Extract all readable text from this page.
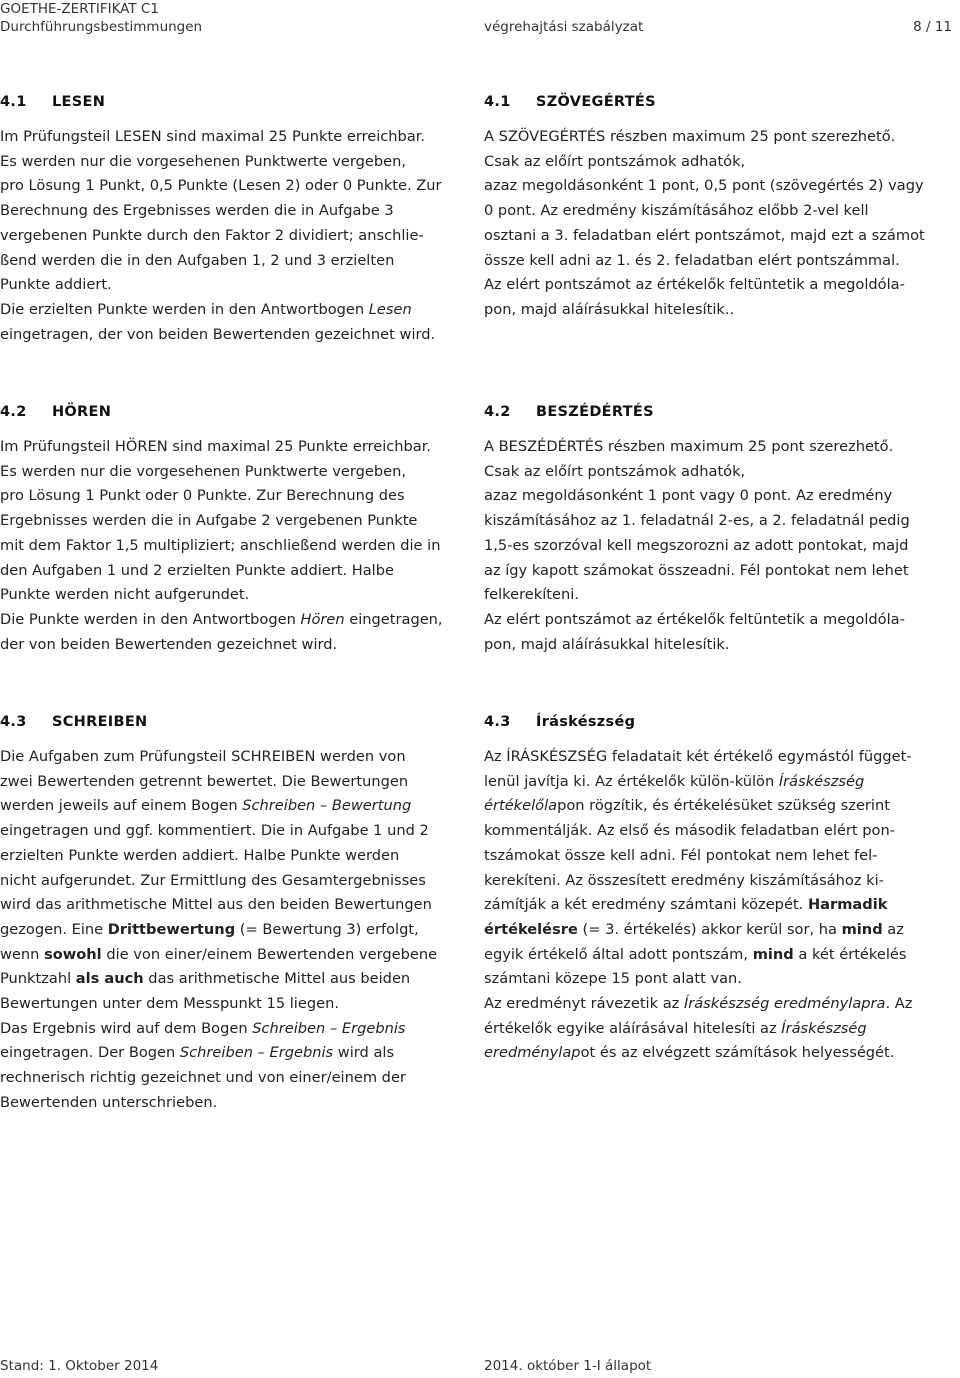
GOETHE-ZERTIFIKAT C1
Durchführungsbestimmungen	végrehajtási szabályzat	8 / 11
4.1 LESEN

Im Prüfungsteil LESEN sind maximal 25 Punkte erreichbar.
Es werden nur die vorgesehenen Punktwerte vergeben,
pro Lösung 1 Punkt, 0,5 Punkte (Lesen 2) oder 0 Punkte. Zur
Berechnung des Ergebnisses werden die in Aufgabe 3
vergebenen Punkte durch den Faktor 2 dividiert; anschlie-
ßend werden die in den Aufgaben 1, 2 und 3 erzielten
Punkte addiert.
Die erzielten Punkte werden in den Antwortbogen Lesen
eingetragen, der von beiden Bewertenden gezeichnet wird.

4.1 SZÖVEGÉRTÉS

A SZÖVEGÉRTÉS részben maximum 25 pont szerezhető.
Csak az előírt pontszámok adhatók,
azaz megoldásonként 1 pont, 0,5 pont (szövegértés 2) vagy
0 pont. Az eredmény kiszámításához előbb 2-vel kell
osztani a 3. feladatban elért pontszámot, majd ezt a számot
össze kell adni az 1. és 2. feladatban elért pontszámmal.
Az elért pontszámot az értékelők feltüntetik a megoldóla-
pon, majd aláírásukkal hitelesítik..

4.2 HÖREN

Im Prüfungsteil HÖREN sind maximal 25 Punkte erreichbar.
Es werden nur die vorgesehenen Punktwerte vergeben,
pro Lösung 1 Punkt oder 0 Punkte. Zur Berechnung des
Ergebnisses werden die in Aufgabe 2 vergebenen Punkte
mit dem Faktor 1,5 multipliziert; anschließend werden die in
den Aufgaben 1 und 2 erzielten Punkte addiert. Halbe
Punkte werden nicht aufgerundet.
Die Punkte werden in den Antwortbogen Hören eingetragen,
der von beiden Bewertenden gezeichnet wird.

4.2 BESZÉDÉRTÉS

A BESZÉDÉRTÉS részben maximum 25 pont szerezhető.
Csak az előírt pontszámok adhatók,
azaz megoldásonként 1 pont vagy 0 pont. Az eredmény
kiszámításához az 1. feladatnál 2-es, a 2. feladatnál pedig
1,5-es szorzóval kell megszorozni az adott pontokat, majd
az így kapott számokat összeadni. Fél pontokat nem lehet
felkerekíteni.
Az elért pontszámot az értékelők feltüntetik a megoldóla-
pon, majd aláírásukkal hitelesítik.

4.3 SCHREIBEN

Die Aufgaben zum Prüfungsteil SCHREIBEN werden von
zwei Bewertenden getrennt bewertet. Die Bewertungen
werden jeweils auf einem Bogen Schreiben – Bewertung
eingetragen und ggf. kommentiert. Die in Aufgabe 1 und 2
erzielten Punkte werden addiert. Halbe Punkte werden
nicht aufgerundet. Zur Ermittlung des Gesamtergebnisses
wird das arithmetische Mittel aus den beiden Bewertungen
gezogen. Eine Drittbewertung (= Bewertung 3) erfolgt,
wenn sowohl die von einer/einem Bewertenden vergebene
Punktzahl als auch das arithmetische Mittel aus beiden
Bewertungen unter dem Messpunkt 15 liegen.
Das Ergebnis wird auf dem Bogen Schreiben – Ergebnis
eingetragen. Der Bogen Schreiben – Ergebnis wird als
rechnerisch richtig gezeichnet und von einer/einem der
Bewertenden unterschrieben.

4.3 Íráskészség

Az ÍRÁSKÉSZSÉG feladatait két értékelő egymástól függet-
lenül javítja ki. Az értékelők külön-külön Íráskészség
értékelőlapon rögzítik, és értékelésüket szükség szerint
kommentálják. Az első és második feladatban elért pon-
tszámokat össze kell adni. Fél pontokat nem lehet fel-
kerekíteni. Az összesített eredmény kiszámításához ki-
zámítják a két eredmény számtani közepét. Harmadik
értékelésre (= 3. értékelés) akkor kerül sor, ha mind az
egyik értékelő által adott pontszám, mind a két értékelés
számtani közepe 15 pont alatt van.
Az eredményt rávezetik az Íráskészség eredménylapra. Az
értékelők egyike aláírásával hitelesíti az Íráskészség
eredménylapot és az elvégzett számítások helyességét.

Stand: 1. Oktober 2014	2014. október 1-I állapot
